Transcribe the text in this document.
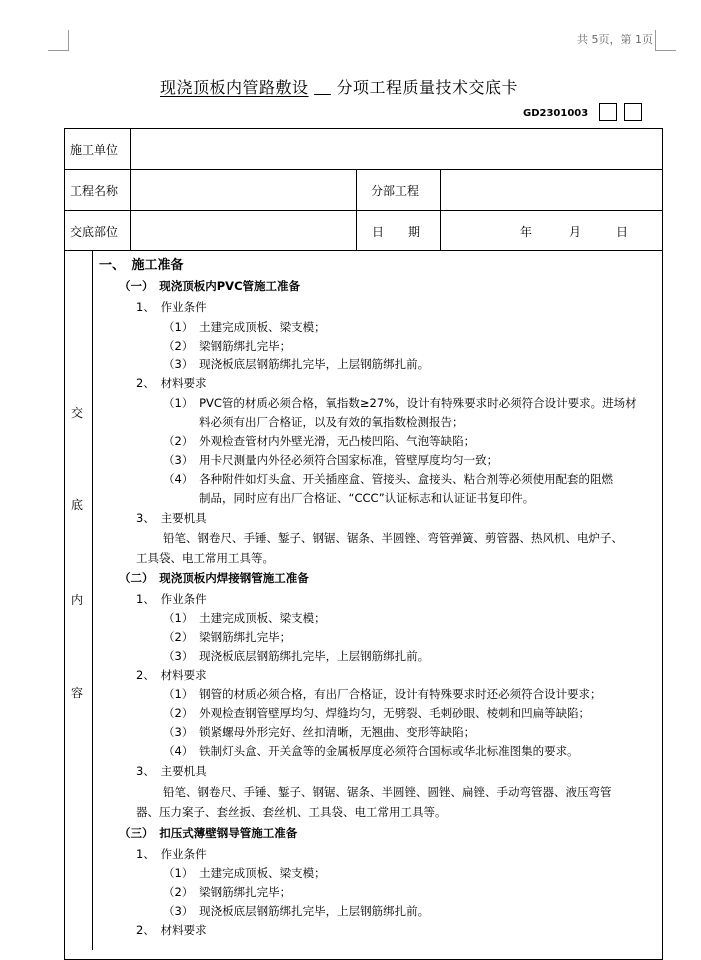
共 5页，第 1页
现浇顶板内管路敷设 分项工程质量技术交底卡
GD2301003
施工单位
工程名称	分部工程
交底部位	日　　期	年	月	日
交
底
内
容
一、　施工准备
（一）　现浇顶板内PVC管施工准备
1、　作业条件
（1）　土建完成顶板、梁支模；
（2）　梁钢筋绑扎完毕；
（3）　现浇板底层钢筋绑扎完毕，上层钢筋绑扎前。
2、　材料要求
（1）　PVC管的材质必须合格，氧指数≥27%，设计有特殊要求时必须符合设计要求。进场材
料必须有出厂合格证，以及有效的氧指数检测报告；
（2）　外观检查管材内外壁光滑，无凸棱凹陷、气泡等缺陷；
（3）　用卡尺测量内外径必须符合国家标准，管壁厚度均匀一致；
（4）　各种附件如灯头盒、开关插座盒、管接头、盒接头、粘合剂等必须使用配套的阻燃
制品，同时应有出厂合格证、“CCC”认证标志和认证证书复印件。
3、　主要机具
铅笔、钢卷尺、手锤、錾子、钢锯、锯条、半圆锉、弯管弹簧、剪管器、热风机、电炉子、
工具袋、电工常用工具等。
（二）　现浇顶板内焊接钢管施工准备
1、　作业条件
（1）　土建完成顶板、梁支模；
（2）　梁钢筋绑扎完毕；
（3）　现浇板底层钢筋绑扎完毕，上层钢筋绑扎前。
2、　材料要求
（1）　钢管的材质必须合格，有出厂合格证，设计有特殊要求时还必须符合设计要求；
（2）　外观检查钢管壁厚均匀、焊缝均匀，无劈裂、毛刺砂眼、棱刺和凹扁等缺陷；
（3）　锁紧螺母外形完好、丝扣清晰，无翘曲、变形等缺陷；
（4）　铁制灯头盒、开关盒等的金属板厚度必须符合国标或华北标准图集的要求。
3、　主要机具
铅笔、钢卷尺、手锤、錾子、钢锯、锯条、半圆锉、圆锉、扁锉、手动弯管器、液压弯管
器、压力案子、套丝扳、套丝机、工具袋、电工常用工具等。
（三）　扣压式薄壁钢导管施工准备
1、　作业条件
（1）　土建完成顶板、梁支模；
（2）　梁钢筋绑扎完毕；
（3）　现浇板底层钢筋绑扎完毕，上层钢筋绑扎前。
2、　材料要求
